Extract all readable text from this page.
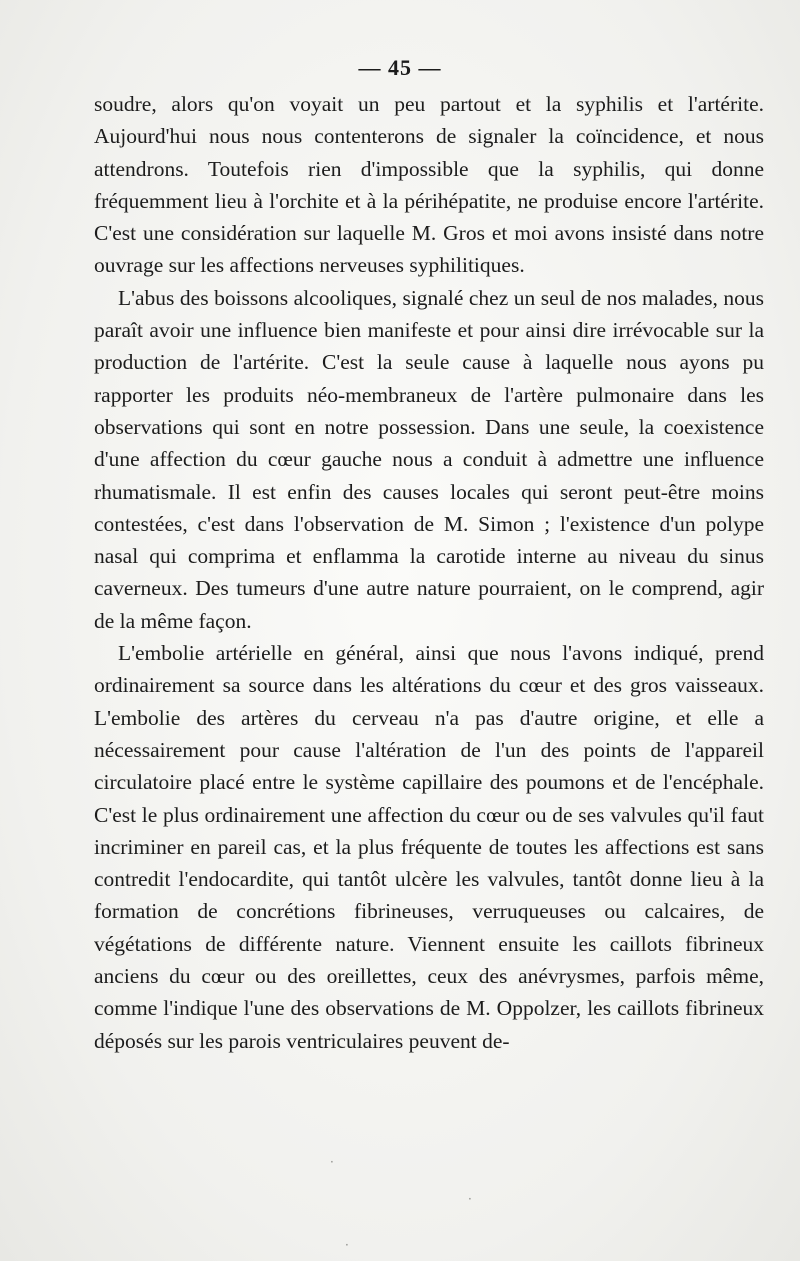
— 45 —

soudre, alors qu'on voyait un peu partout et la syphilis et l'artérite. Aujourd'hui nous nous contenterons de signaler la coïncidence, et nous attendrons. Toutefois rien d'impossible que la syphilis, qui donne fréquemment lieu à l'orchite et à la périhépatite, ne produise encore l'artérite. C'est une considération sur laquelle M. Gros et moi avons insisté dans notre ouvrage sur les affections nerveuses syphilitiques.

L'abus des boissons alcooliques, signalé chez un seul de nos malades, nous paraît avoir une influence bien manifeste et pour ainsi dire irrévocable sur la production de l'artérite. C'est la seule cause à laquelle nous ayons pu rapporter les produits néo-membraneux de l'artère pulmonaire dans les observations qui sont en notre possession. Dans une seule, la coexistence d'une affection du cœur gauche nous a conduit à admettre une influence rhumatismale. Il est enfin des causes locales qui seront peut-être moins contestées, c'est dans l'observation de M. Simon ; l'existence d'un polype nasal qui comprima et enflamma la carotide interne au niveau du sinus caverneux. Des tumeurs d'une autre nature pourraient, on le comprend, agir de la même façon.

L'embolie artérielle en général, ainsi que nous l'avons indiqué, prend ordinairement sa source dans les altérations du cœur et des gros vaisseaux. L'embolie des artères du cerveau n'a pas d'autre origine, et elle a nécessairement pour cause l'altération de l'un des points de l'appareil circulatoire placé entre le système capillaire des poumons et de l'encéphale. C'est le plus ordinairement une affection du cœur ou de ses valvules qu'il faut incriminer en pareil cas, et la plus fréquente de toutes les affections est sans contredit l'endocardite, qui tantôt ulcère les valvules, tantôt donne lieu à la formation de concrétions fibrineuses, verruqueuses ou calcaires, de végétations de différente nature. Viennent ensuite les caillots fibrineux anciens du cœur ou des oreillettes, ceux des anévrysmes, parfois même, comme l'indique l'une des observations de M. Oppolzer, les caillots fibrineux déposés sur les parois ventriculaires peuvent de-

·
·
·
